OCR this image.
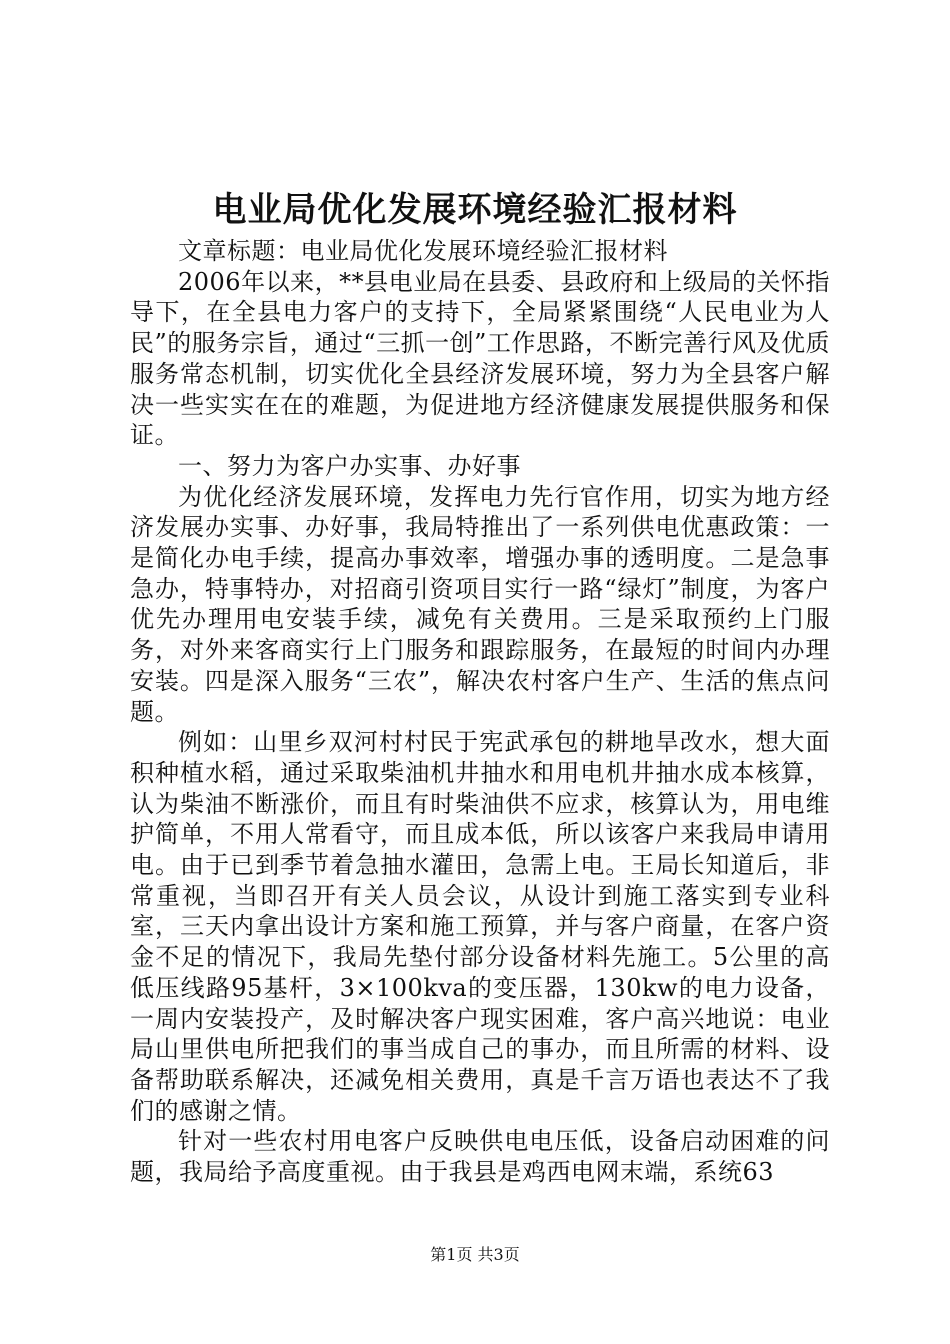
电业局优化发展环境经验汇报材料

文章标题：电业局优化发展环境经验汇报材料

2006年以来，**县电业局在县委、县政府和上级局的关怀指导下，在全县电力客户的支持下，全局紧紧围绕“人民电业为人民”的服务宗旨，通过“三抓一创”工作思路，不断完善行风及优质服务常态机制，切实优化全县经济发展环境，努力为全县客户解决一些实实在在的难题，为促进地方经济健康发展提供服务和保证。

一、努力为客户办实事、办好事

为优化经济发展环境，发挥电力先行官作用，切实为地方经济发展办实事、办好事，我局特推出了一系列供电优惠政策：一是简化办电手续，提高办事效率，增强办事的透明度。二是急事急办，特事特办，对招商引资项目实行一路“绿灯”制度，为客户优先办理用电安装手续，减免有关费用。三是采取预约上门服务，对外来客商实行上门服务和跟踪服务，在最短的时间内办理安装。四是深入服务“三农”，解决农村客户生产、生活的焦点问题。

例如：山里乡双河村村民于宪武承包的耕地旱改水，想大面积种植水稻，通过采取柴油机井抽水和用电机井抽水成本核算，认为柴油不断涨价，而且有时柴油供不应求，核算认为，用电维护简单，不用人常看守，而且成本低，所以该客户来我局申请用电。由于已到季节着急抽水灌田，急需上电。王局长知道后，非常重视，当即召开有关人员会议，从设计到施工落实到专业科室，三天内拿出设计方案和施工预算，并与客户商量，在客户资金不足的情况下，我局先垫付部分设备材料先施工。5公里的高低压线路95基杆，3×100kva的变压器，130kw的电力设备，一周内安装投产，及时解决客户现实困难，客户高兴地说：电业局山里供电所把我们的事当成自己的事办，而且所需的材料、设备帮助联系解决，还减免相关费用，真是千言万语也表达不了我们的感谢之情。

针对一些农村用电客户反映供电电压低，设备启动困难的问题，我局给予高度重视。由于我县是鸡西电网末端，系统63

第1页 共3页
